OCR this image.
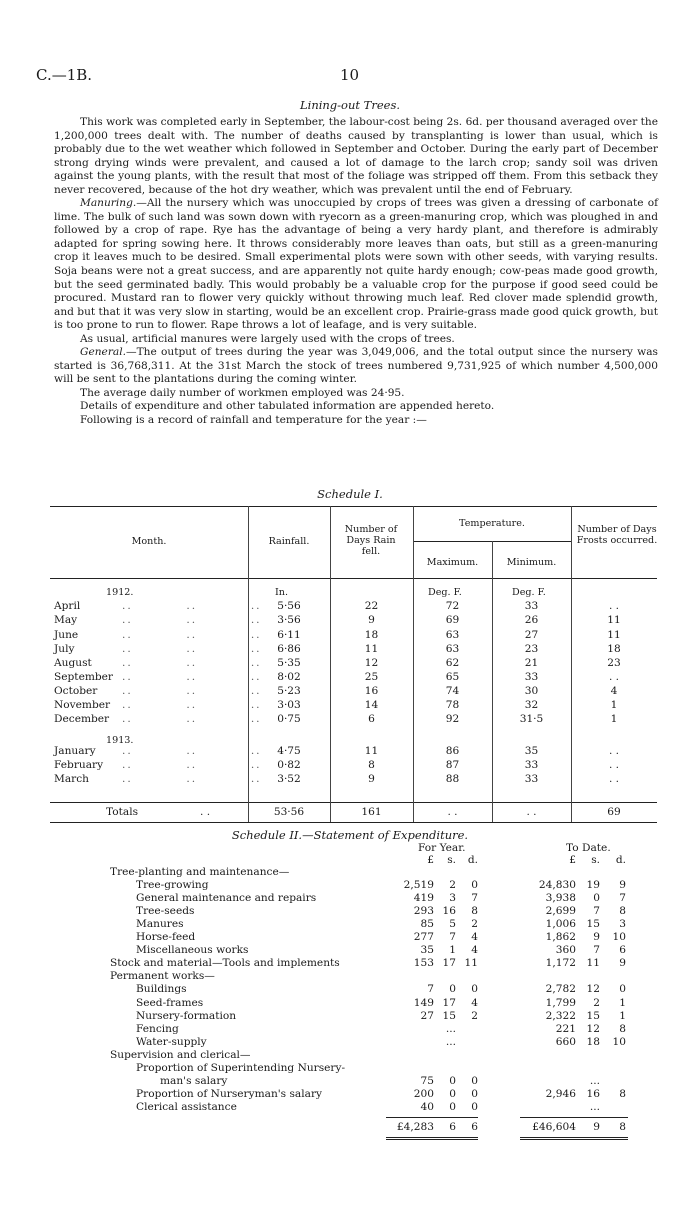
C.—1B.	10
Lining-out Trees.

This work was completed early in September, the labour-cost being 2s. 6d. per thousand averaged over the 1,200,000 trees dealt with. The number of deaths caused by transplanting is lower than usual, which is probably due to the wet weather which followed in September and October. During the early part of December strong drying winds were prevalent, and caused a lot of damage to the larch crop; sandy soil was driven against the young plants, with the result that most of the foliage was stripped off them. From this setback they never recovered, because of the hot dry weather, which was prevalent until the end of February.

Manuring.—All the nursery which was unoccupied by crops of trees was given a dressing of carbonate of lime. The bulk of such land was sown down with ryecorn as a green-manuring crop, which was ploughed in and followed by a crop of rape. Rye has the advantage of being a very hardy plant, and therefore is admirably adapted for spring sowing here. It throws considerably more leaves than oats, but still as a green-manuring crop it leaves much to be desired. Small experimental plots were sown with other seeds, with varying results. Soja beans were not a great success, and are apparently not quite hardy enough; cow-peas made good growth, but the seed germinated badly. This would probably be a valuable crop for the purpose if good seed could be procured. Mustard ran to flower very quickly without throwing much leaf. Red clover made splendid growth, and but that it was very slow in starting, would be an excellent crop. Prairie-grass made good quick growth, but is too prone to run to flower. Rape throws a lot of leafage, and is very suitable.

As usual, artificial manures were largely used with the crops of trees.

General.—The output of trees during the year was 3,049,006, and the total output since the nursery was started is 36,768,311. At the 31st March the stock of trees numbered 9,731,925 of which number 4,500,000 will be sent to the plantations during the coming winter.

The average daily number of workmen employed was 24·95.

Details of expenditure and other tabulated information are appended hereto.

Following is a record of rainfall and temperature for the year :—

Schedule I.
Month.	Rainfall.
Number of Days Rain fell.
Temperature.
Maximum.	Minimum.
Number of Days Frosts occurred.
1912.	In.	Deg. F.	Deg. F.
1913.
April	..          ..          ..	5·56	22	72	33	. .
May	..          ..          ..	3·56	9	69	26	11
June	..          ..          ..	6·11	18	63	27	11
July	..          ..          ..	6·86	11	63	23	18
August	..          ..          ..	5·35	12	62	21	23
September ..          ..          ..	8·02	25	65	33	. .
October ..          ..          ..	5·23	16	74	30	4
November ..          ..          ..	3·03	14	78	32	1
December ..          ..          ..	0·75	6	92	31·5	1
January ..          ..          ..	4·75	11	86	35	. .
February ..          ..          ..	0·82	8	87	33	. .
March	..          ..          ..	3·52	9	88	33	. .
Totals	. .	53·56	161	. .	. .	69
Schedule II.—Statement of Expenditure.
For Year.	To Date.
£	s.	d.	£	s.	d.
Tree-planting and maintenance—
Tree-growing	2,519	2	0	24,830 19	9
General maintenance and repairs	419	3	7	3,938	0	7
Tree-seeds	293 16	8	2,699	7	8
Manures	85	5	2	1,006 15	3
Horse-feed	277	7	4	1,862	9	10
Miscellaneous works	35	1	4	360	7	6
Stock and material—Tools and implements	153 17 11	1,172 11	9
Permanent works—
Buildings	7	0	0	2,782 12	0
Seed-frames	149 17	4	1,799	2	1
Nursery-formation	27 15	2	2,322 15	1
Fencing	...	221 12	8
Water-supply	...	660 18	10
Supervision and clerical—
Proportion of Superintending Nursery-
man's salary	75	0	0	...
Proportion of Nurseryman's salary	200	0	0	2,946 16	8
Clerical assistance	40	0	0	...
£4,283	6	6	£46,604	9	8
